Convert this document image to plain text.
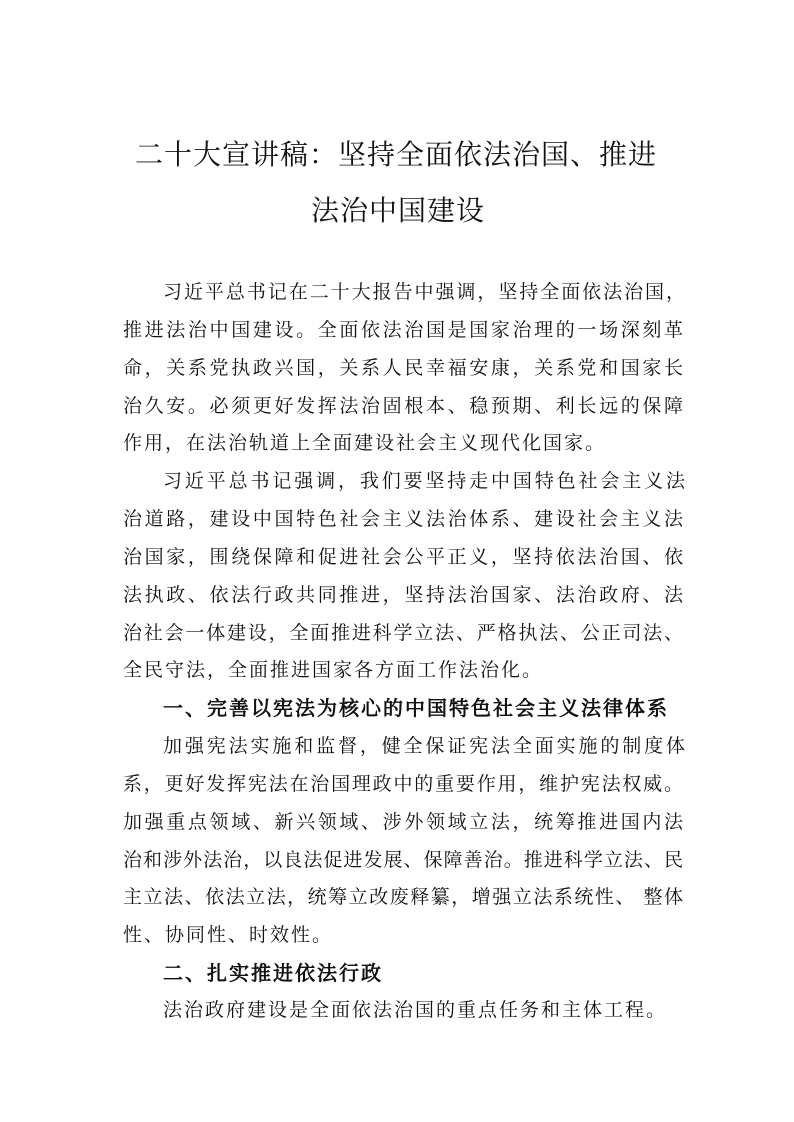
二十大宣讲稿：坚持全面依法治国、推进
法治中国建设
习近平总书记在二十大报告中强调，坚持全面依法治国，
推进法治中国建设。全面依法治国是国家治理的一场深刻革
命，关系党执政兴国，关系人民幸福安康，关系党和国家长
治久安。必须更好发挥法治固根本、稳预期、利长远的保障
作用，在法治轨道上全面建设社会主义现代化国家。
习近平总书记强调，我们要坚持走中国特色社会主义法
治道路，建设中国特色社会主义法治体系、建设社会主义法
治国家，围绕保障和促进社会公平正义，坚持依法治国、依
法执政、依法行政共同推进，坚持法治国家、法治政府、法
治社会一体建设，全面推进科学立法、严格执法、公正司法、
全民守法，全面推进国家各方面工作法治化。
一、完善以宪法为核心的中国特色社会主义法律体系
加强宪法实施和监督，健全保证宪法全面实施的制度体
系，更好发挥宪法在治国理政中的重要作用，维护宪法权威。
加强重点领域、新兴领域、涉外领域立法，统筹推进国内法
治和涉外法治，以良法促进发展、保障善治。推进科学立法、民
主立法、依法立法，统筹立改废释纂，增强立法系统性、 整体
性、协同性、时效性。
二、扎实推进依法行政
法治政府建设是全面依法治国的重点任务和主体工程。
